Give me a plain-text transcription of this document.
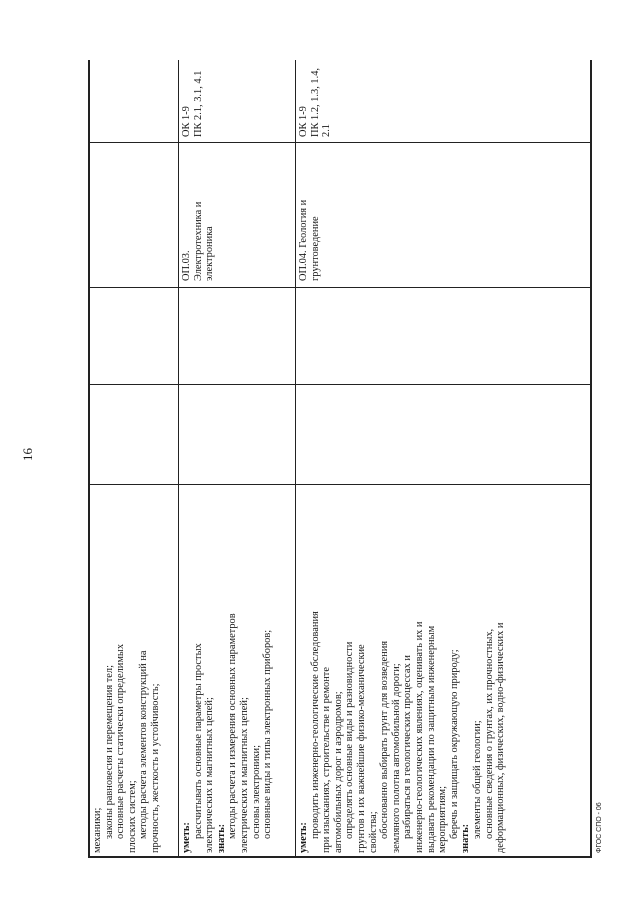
16
механики; законы равновесия и перемещения тел; основные расчеты статически определимых плоских систем; методы расчета элементов конструкций на прочность, жесткость и устойчивость; уметь: рассчитывать основные параметры простых электрических и магнитных цепей; знать: методы расчета и измерения основных параметров электрических и магнитных цепей; основы электроники; основные виды и типы электронных приборов;
ОП.03. Электротехника и электроника
ОК 1-9 ПК 2.1, 3.1, 4.1
уметь: проводить инженерно-геологические обследования при изысканиях, строительстве и ремонте автомобильных дорог и аэродромов; определять основные виды и разновидности грунтов и их важнейшие физико-механические свойства; обоснованно выбирать грунт для возведения земляного полотна автомобильной дороги; разбираться в геологических процессах и инженерно-геологических явлениях, оценивать их и выдавать рекомендации по защитным инженерным мероприятиям; беречь и защищать окружающую природу; знать: элементы общей геологии; основные сведения о грунтах, их прочностных, деформационных, физических, водно-физических и
ОП.04. Геология и грунтоведение
ОК 1-9 ПК 1.2, 1.3, 1.4, 2.1
ФГОС СПО - 06
